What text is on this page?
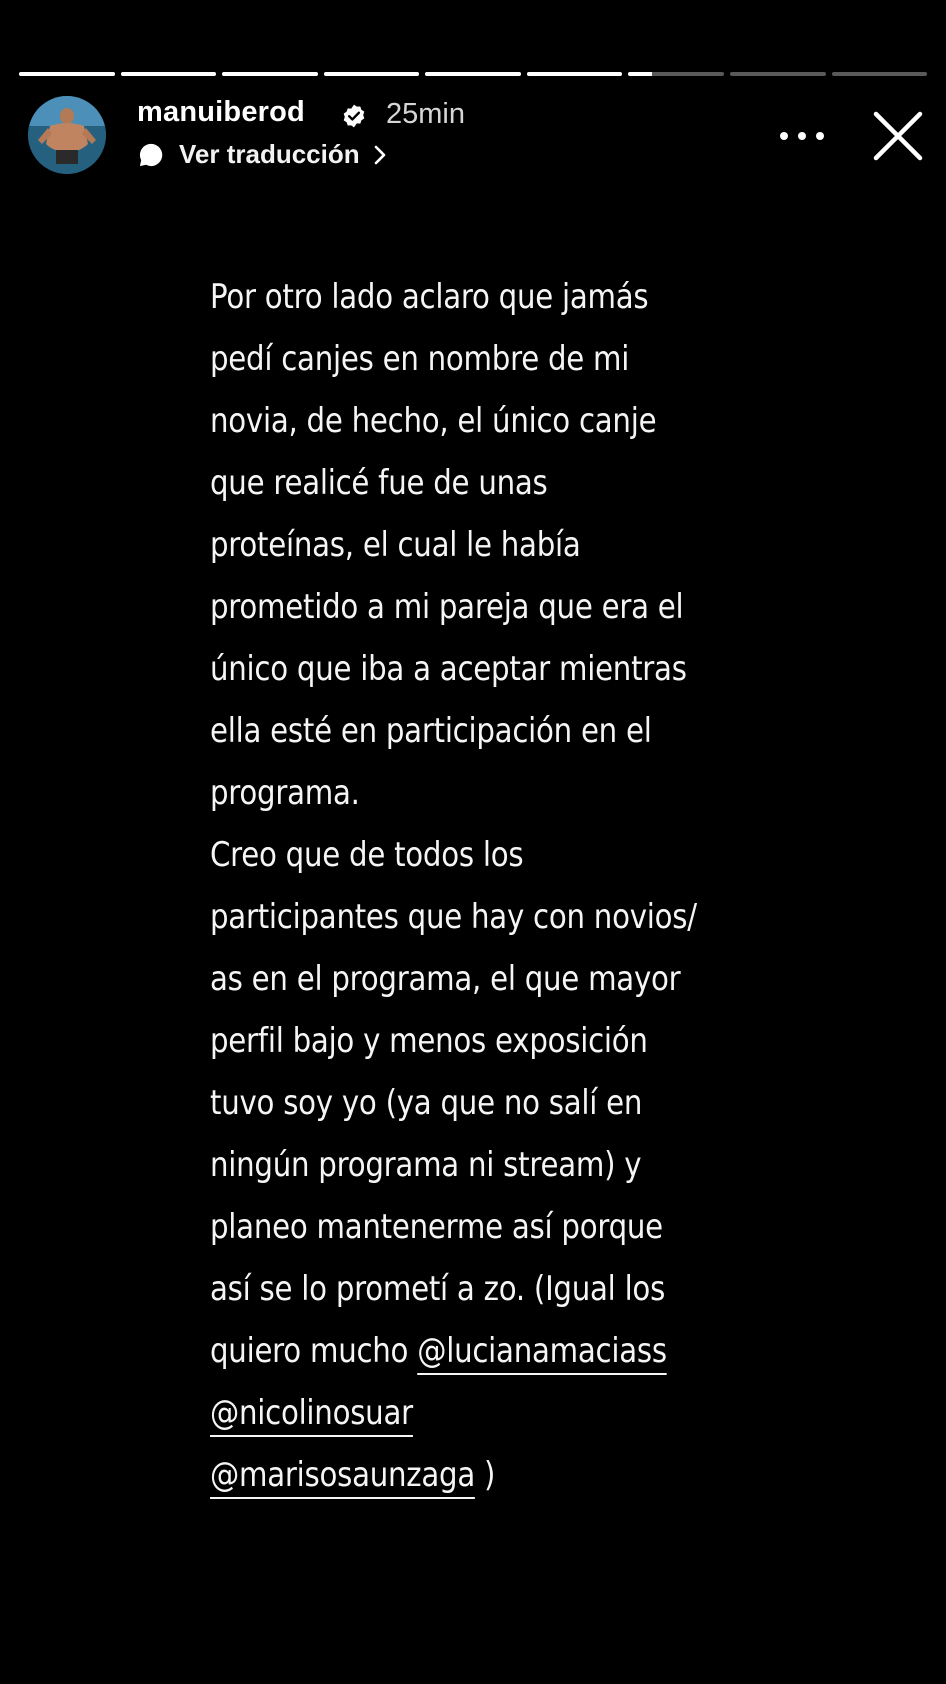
manuiberod	25min
Ver traducción
Por otro lado aclaro que jamás
pedí canjes en nombre de mi
novia, de hecho, el único canje
que realicé fue de unas
proteínas, el cual le había
prometido a mi pareja que era el
único que iba a aceptar mientras
ella esté en participación en el
programa.
Creo que de todos los
participantes que hay con novios/
as en el programa, el que mayor
perfil bajo y menos exposición
tuvo soy yo (ya que no salí en
ningún programa ni stream) y
planeo mantenerme así porque
así se lo prometí a zo. (Igual los
quiero mucho @lucianamaciass
@nicolinosuar
@marisosaunzaga )
